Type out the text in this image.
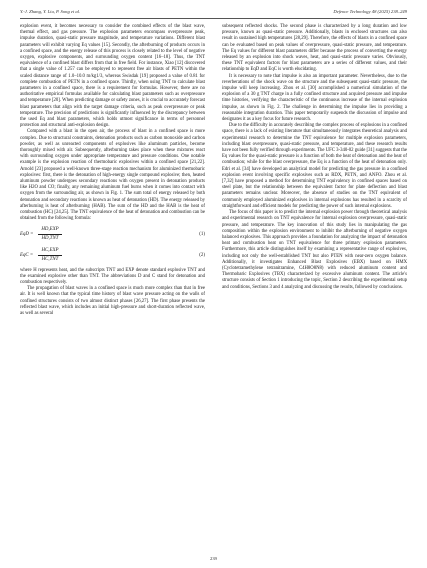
Y.-J. Zhang, Y. Liu, P. Song et al.	Defence Technology 48 (2025) 238–249

explosion event, it becomes necessary to consider the combined effects of the blast wave, thermal effect, and gas pressure. The explosion parameters encompass overpressure peak, impulse duration, quasi-static pressure magnitude, and temperature variations. Different blast parameters will exhibit varying Eq values [15]. Secondly, the afterburning of products occurs in a confined space, and the energy release of this process is closely related to the level of negative oxygen, explosive components, and surrounding oxygen content [16–18]. Thus, the TNT equivalence of a confined blast differs from that in free field. For instance, Xiao [12] discovered that a single value of 1.257 can be employed to represent free air blasts of PETN within the scaled distance range of 1.0–10.0 m/kg1/3, whereas Swisdak [19] proposed a value of 0.81 for complete combustion of PETN in a confined space. Thirdly, when using TNT to calculate blast parameters in a confined space, there is a requirement for formulas. However, there are no authoritative empirical formulas available for calculating blast parameters such as overpressure and temperature [20]. When predicting damage or safety zones, it is crucial to accurately forecast blast parameters that align with the target damage criteria, such as peak overpressure or peak temperature. The precision of predictions is significantly influenced by the discrepancy between the used Eq and blast parameters, which holds utmost significance in terms of personnel protection and structural anti-explosion design.

Compared with a blast in the open air, the process of blast in a confined space is more complex. Due to structural constraints, detonation products such as carbon monoxide and carbon powder, as well as unreacted components of explosives like aluminum particles, become thoroughly mixed with air. Subsequently, afterburning takes place when these mixtures react with surrounding oxygen under appropriate temperature and pressure conditions. One notable example is the explosion reaction of thermobaric explosives within a confined space [21,22]. Arnold [23] proposed a well-known three-stage reaction mechanism for aluminized thermobaric explosives: first, there is the detonation of high-energy single compound explosive; then, heated aluminum powder undergoes secondary reactions with oxygen present in detonation products like H2O and CO; finally, any remaining aluminum fuel burns when it comes into contact with oxygen from the surrounding air, as shown in Fig. 1. The sum total of energy released by both detonation and secondary reactions is known as heat of detonation (HD). The energy released by afterburning is heat of afterburning (HAB). The sum of the HD and the HAB is the heat of combustion (HC) [24,25]. The TNT equivalence of the heat of detonation and combustion can be obtained from the following formula:

EqD =
HD,EXP
HD,TNT
(1)
EqC =
HC,EXP
HC,TNT
(2)

where H represents heat, and the subscripts TNT and EXP denote standard explosive TNT and the examined explosive other than TNT. The abbreviations D and C stand for detonation and combustion respectively.

The propagation of blast waves in a confined space is much more complex than that in free air. It is well known that the typical time history of blast wave pressure acting on the walls of confined structures consists of two almost distinct phases [26,27]. The first phase presents the reflected blast wave, which includes an initial high-pressure and short-duration reflected wave, as well as several

subsequent reflected shocks. The second phase is characterized by a long duration and low pressure, known as quasi-static pressure. Additionally, blasts in enclosed structures can also result in sustained high temperatures [28,29]. Therefore, the effects of blasts in a confined space can be evaluated based on peak values of overpressure, quasi-static pressure, and temperature. The Eq values for different blast parameters differ because the process of converting the energy released by an explosion into shock waves, heat, and quasi-static pressure varies. Obviously, these TNT equivalent factors for blast parameters are a series of different values, and their relationship to EqD and EqC is worth elucidating.

It is necessary to note that impulse is also an important parameter. Nevertheless, due to the reverberations of the shock wave on the structure and the subsequent quasi-static pressure, the impulse will keep increasing. Zhou et al. [30] accomplished a numerical simulation of the explosion of a 30 g TNT charge in a fully confined structure and acquired pressure and impulse time histories, verifying the characteristic of the continuous increase of the internal explosion impulse, as shown in Fig. 2. The challenge in determining the impulse lies in providing a reasonable integration duration. This paper temporarily suspends the discussion of impulse and designates it as a key focus for future research.

Due to the difficulty in accurately describing the complex process of explosions in a confined space, there is a lack of existing literature that simultaneously integrates theoretical analysis and experimental research to determine the TNT equivalence for multiple explosion parameters, including blast overpressure, quasi-static pressure, and temperature, and these research results have not been fully verified through experiments. The UFC 3-340-02 guide [31] suggests that the Eq values for the quasi-static pressure is a function of both the heat of detonation and the heat of combustion; while for the blast overpressure, the Eq is a function of the heat of detonation only. Edri et al. [34] have developed an analytical model for predicting the gas pressure in a confined explosion event involving specific explosives such as RDX, PETN, and ANFO. Zhou et al. [7,32] have proposed a method for determining TNT equivalency in confined spaces based on steel plate, but the relationship between the equivalent factor for plate deflection and blast parameters remains unclear. Moreover, the absence of studies on the TNT equivalent of commonly employed aluminized explosives in internal explosions has resulted in a scarcity of straightforward and efficient models for predicting the power of such internal explosions.

The focus of this paper is to predict the internal explosion power through theoretical analysis and experimental research on TNT equivalence for internal explosion overpressure, quasi-static pressure, and temperature. The key innovation of this study lies in manipulating the gas composition within the explosion environment to inhibit the afterburning of negative oxygen balanced explosives. This approach provides a foundation for analyzing the impact of detonation heat and combustion heat on TNT equivalence for three primary explosion parameters. Furthermore, this article distinguishes itself by examining a representative range of explosives, including not only the well-established TNT but also PTEN with near-zero oxygen balance. Additionally, it investigates Enhanced Blast Explosives (EBX) based on HMX (Cyclotetramethylene tetranitramine, C4H8O8N8) with reduced aluminum content and Thermobaric Explosives (TBX) characterized by excessive aluminum content. The article's structure consists of Section 1 introducing the topic, Section 2 describing the experimental setup and conditions, Sections 3 and 4 analyzing and discussing the results, followed by conclusions.

239
